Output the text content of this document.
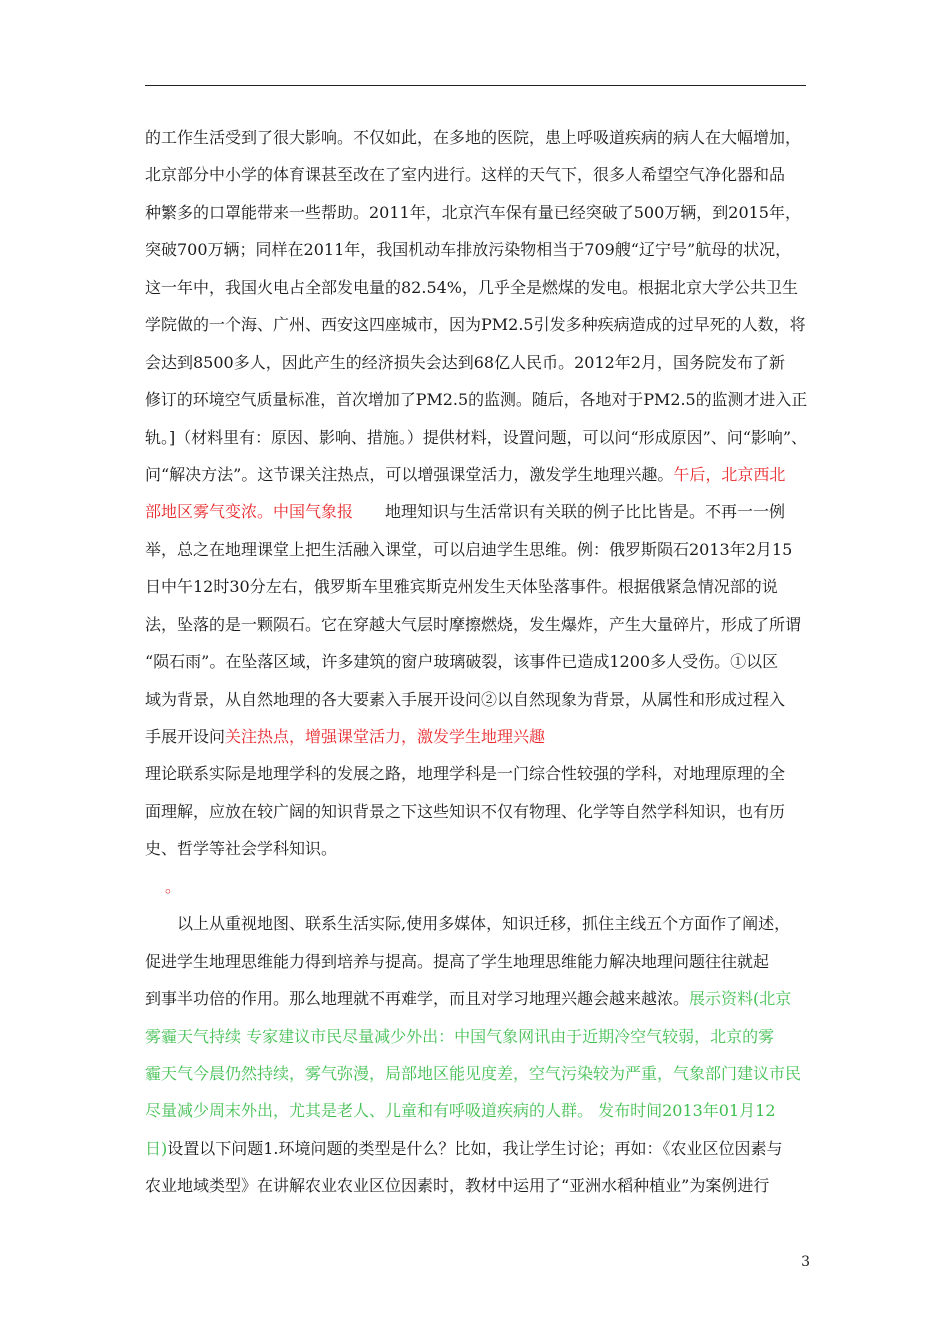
的工作生活受到了很大影响。不仅如此，在多地的医院，患上呼吸道疾病的病人在大幅增加，
北京部分中小学的体育课甚至改在了室内进行。这样的天气下，很多人希望空气净化器和品
种繁多的口罩能带来一些帮助。2011年，北京汽车保有量已经突破了500万辆，到2015年，
突破700万辆；同样在2011年，我国机动车排放污染物相当于709艘“辽宁号”航母的状况，
这一年中，我国火电占全部发电量的82.54%，几乎全是燃煤的发电。根据北京大学公共卫生
学院做的一个海、广州、西安这四座城市，因为PM2.5引发多种疾病造成的过早死的人数，将
会达到8500多人，因此产生的经济损失会达到68亿人民币。2012年2月，国务院发布了新
修订的环境空气质量标准，首次增加了PM2.5的监测。随后，各地对于PM2.5的监测才进入正
轨。]（材料里有：原因、影响、措施。）提供材料，设置问题，可以问“形成原因”、问“影响”、
问“解决方法”。这节课关注热点，可以增强课堂活力，激发学生地理兴趣。午后，北京西北
部地区雾气变浓。中国气象报　　地理知识与生活常识有关联的例子比比皆是。不再一一例
举，总之在地理课堂上把生活融入课堂，可以启迪学生思维。例：俄罗斯陨石2013年2月15
日中午12时30分左右，俄罗斯车里雅宾斯克州发生天体坠落事件。根据俄紧急情况部的说
法，坠落的是一颗陨石。它在穿越大气层时摩擦燃烧，发生爆炸，产生大量碎片，形成了所谓
“陨石雨”。在坠落区域，许多建筑的窗户玻璃破裂，该事件已造成1200多人受伤。①以区
域为背景，从自然地理的各大要素入手展开设问②以自然现象为背景，从属性和形成过程入
手展开设问关注热点，增强课堂活力，激发学生地理兴趣
理论联系实际是地理学科的发展之路，地理学科是一门综合性较强的学科，对地理原理的全
面理解，应放在较广阔的知识背景之下这些知识不仅有物理、化学等自然学科知识，也有历
史、哲学等社会学科知识。
。
　　以上从重视地图、联系生活实际,使用多媒体，知识迁移，抓住主线五个方面作了阐述，
促进学生地理思维能力得到培养与提高。提高了学生地理思维能力解决地理问题往往就起
到事半功倍的作用。那么地理就不再难学，而且对学习地理兴趣会越来越浓。展示资料(北京
雾霾天气持续 专家建议市民尽量减少外出：中国气象网讯由于近期冷空气较弱，北京的雾
霾天气今晨仍然持续，雾气弥漫，局部地区能见度差，空气污染较为严重，气象部门建议市民
尽量减少周末外出，尤其是老人、儿童和有呼吸道疾病的人群。 发布时间2013年01月12
日)设置以下问题1.环境问题的类型是什么？比如，我让学生讨论；再如：《农业区位因素与
农业地域类型》在讲解农业农业区位因素时，教材中运用了“亚洲水稻种植业”为案例进行
3
